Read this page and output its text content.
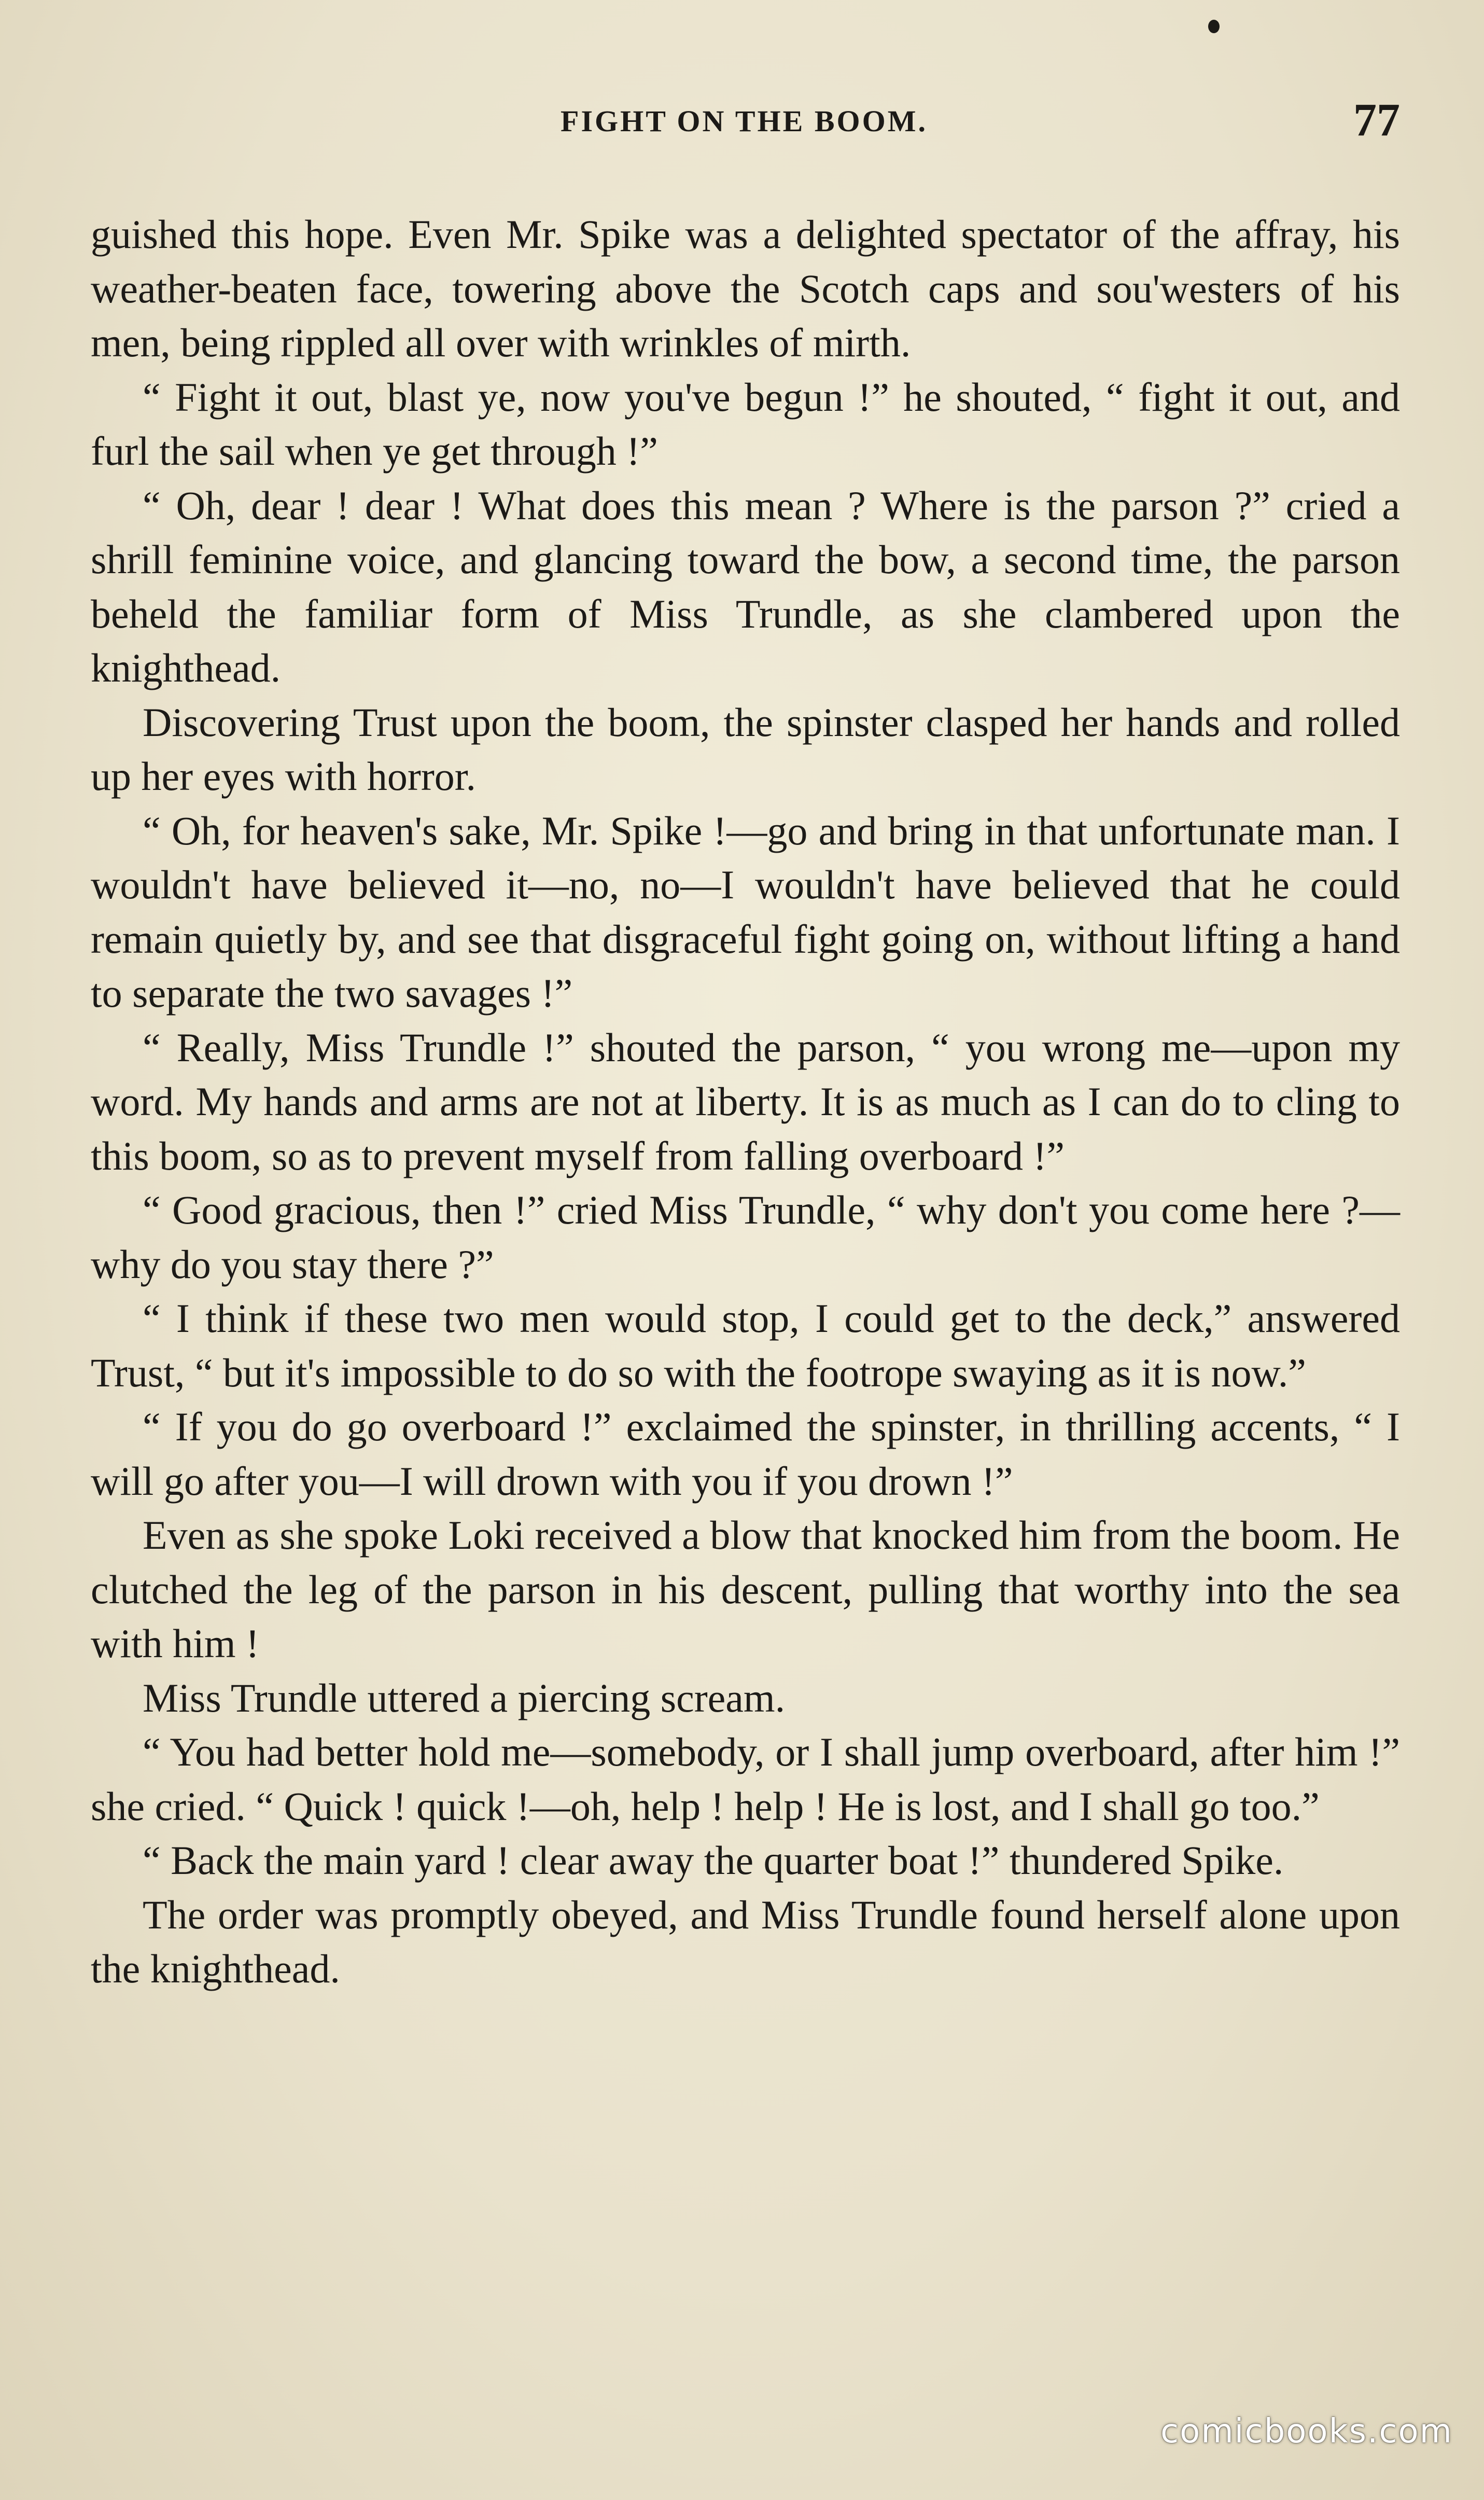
FIGHT ON THE BOOM.	77

guished this hope. Even Mr. Spike was a delighted spectator of the affray, his weather-beaten face, towering above the Scotch caps and sou'westers of his men, being rippled all over with wrinkles of mirth.

“ Fight it out, blast ye, now you've begun !” he shouted, “ fight it out, and furl the sail when ye get through !”

“ Oh, dear ! dear ! What does this mean ? Where is the parson ?” cried a shrill feminine voice, and glancing toward the bow, a second time, the parson beheld the familiar form of Miss Trundle, as she clambered upon the knighthead.

Discovering Trust upon the boom, the spinster clasped her hands and rolled up her eyes with horror.

“ Oh, for heaven's sake, Mr. Spike !—go and bring in that unfortunate man. I wouldn't have believed it—no, no—I wouldn't have believed that he could remain quietly by, and see that disgraceful fight going on, without lifting a hand to separate the two savages !”

“ Really, Miss Trundle !” shouted the parson, “ you wrong me—upon my word. My hands and arms are not at liberty. It is as much as I can do to cling to this boom, so as to prevent myself from falling overboard !”

“ Good gracious, then !” cried Miss Trundle, “ why don't you come here ?—why do you stay there ?”

“ I think if these two men would stop, I could get to the deck,” answered Trust, “ but it's impossible to do so with the footrope swaying as it is now.”

“ If you do go overboard !” exclaimed the spinster, in thrilling accents, “ I will go after you—I will drown with you if you drown !”

Even as she spoke Loki received a blow that knocked him from the boom. He clutched the leg of the parson in his descent, pulling that worthy into the sea with him !

Miss Trundle uttered a piercing scream.

“ You had better hold me—somebody, or I shall jump overboard, after him !” she cried. “ Quick ! quick !—oh, help ! help ! He is lost, and I shall go too.”

“ Back the main yard ! clear away the quarter boat !” thundered Spike.

The order was promptly obeyed, and Miss Trundle found herself alone upon the knighthead.

comicbooks.com
